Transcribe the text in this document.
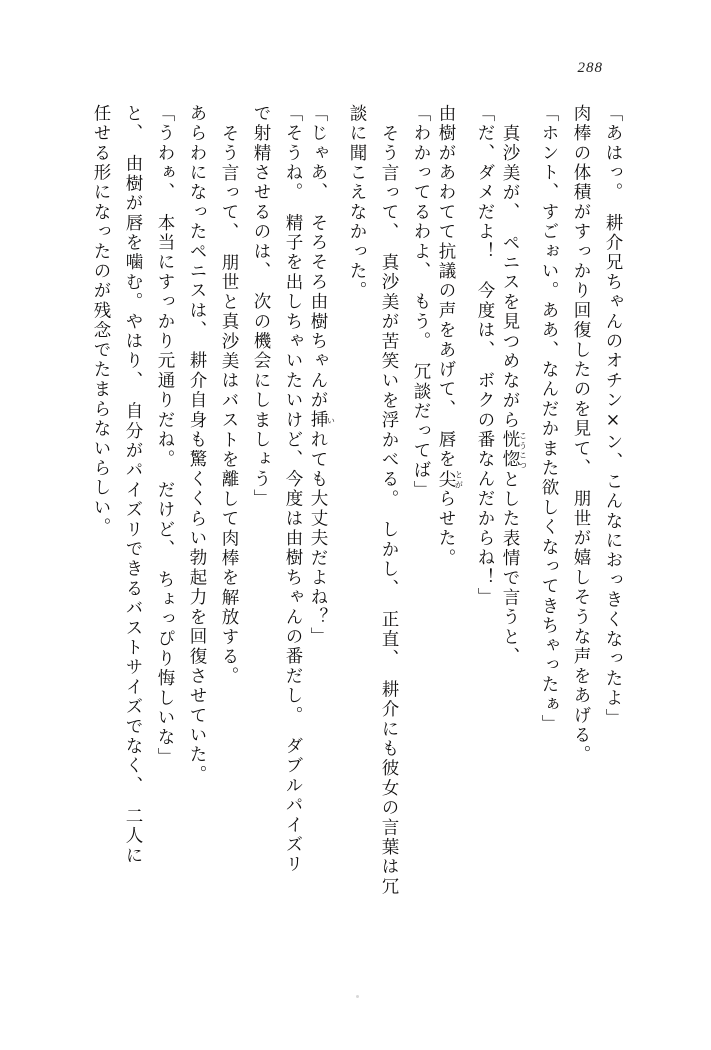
288
「あはっ。　耕介兄ちゃんのオチン×ン、こんなにおっきくなったよ」
肉棒の体積がすっかり回復したのを見て、　朋世が嬉しそうな声をあげる。
「ホント、すごぉい。ああ、なんだかまた欲しくなってきちゃったぁ」
真沙美が、　ペニスを見つめながら恍惚こうこつとした表情で言うと、
「だ、ダメだよ！　今度は、　ボクの番なんだからね！」
由樹があわてて抗議の声をあげて、　唇を尖とがらせた。
「わかってるわよ、　もう。　冗談だってば」
そう言って、　真沙美が苦笑いを浮かべる。　しかし、　正直、　耕介にも彼女の言葉は冗
談に聞こえなかった。
「じゃあ、　そろそろ由樹ちゃんが挿いれても大丈夫だよね？」
「そうね。　精子を出しちゃいたいけど、今度は由樹ちゃんの番だし。　ダブルパイズリ
で射精させるのは、　次の機会にしましょう」
そう言って、　朋世と真沙美はバストを離して肉棒を解放する。
あらわになったペニスは、　耕介自身も驚くくらい勃起力を回復させていた。
「うわぁ、　本当にすっかり元通りだね。　だけど、　ちょっぴり悔しいな」
と、　由樹が唇を噛む。やはり、　自分がパイズリできるバストサイズでなく、　二人に
任せる形になったのが残念でたまらないらしい。
